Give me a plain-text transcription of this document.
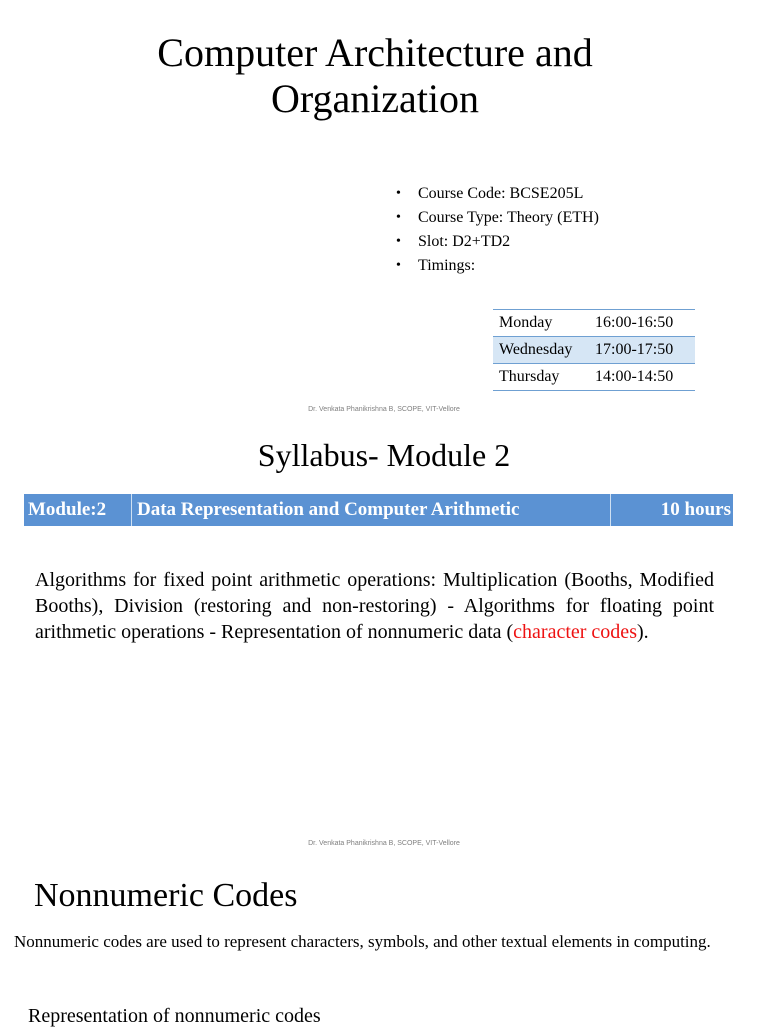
Computer Architecture and
Organization
• Course Code: BCSE205L
• Course Type: Theory (ETH)
• Slot: D2+TD2
• Timings:
Monday	16:00-16:50
Wednesday	17:00-17:50
Thursday	14:00-14:50
Dr. Venkata Phanikrishna B, SCOPE, VIT-Vellore
Syllabus- Module 2
Module:2	Data Representation and Computer Arithmetic	10 hours
Algorithms for fixed point arithmetic operations: Multiplication (Booths, Modified Booths), Division (restoring and non-restoring) - Algorithms for floating point arithmetic operations - Representation of nonnumeric data (character codes).
Dr. Venkata Phanikrishna B, SCOPE, VIT-Vellore
Nonnumeric Codes
Nonnumeric codes are used to represent characters, symbols, and other textual elements in computing.
Representation of nonnumeric codes
